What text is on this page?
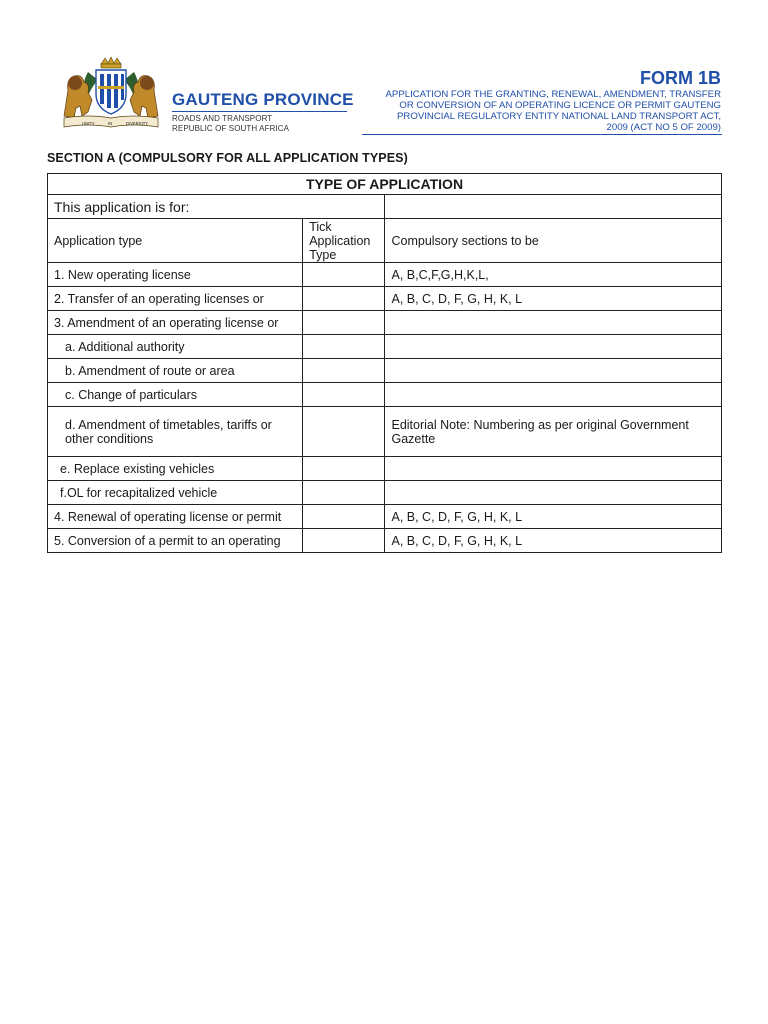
UNITY	IN	DIVERSITY
GAUTENG PROVINCE
ROADS AND TRANSPORT
REPUBLIC OF SOUTH AFRICA
FORM 1B
APPLICATION FOR THE GRANTING, RENEWAL, AMENDMENT, TRANSFER OR CONVERSION OF AN OPERATING LICENCE OR PERMIT GAUTENG PROVINCIAL REGULATORY ENTITY NATIONAL LAND TRANSPORT ACT, 2009 (ACT NO 5 OF 2009)
SECTION A (COMPULSORY FOR ALL APPLICATION TYPES)
TYPE OF APPLICATION		
This application is for:		
Application type	Tick Application Type	Compulsory sections to be
1. New operating license		A, B,C,F,G,H,K,L,
2. Transfer of an operating licenses or		A, B, C, D, F, G, H, K, L
3. Amendment of an operating license or		
a. Additional authority		
b. Amendment of route or area		
c. Change of particulars		
d. Amendment of timetables, tariffs or other conditions		Editorial Note: Numbering as per original Government Gazette
e. Replace existing vehicles		
f.OL for recapitalized vehicle		
4. Renewal of operating license or permit		A, B, C, D, F, G, H, K, L
5. Conversion of a permit to an operating		A, B, C, D, F, G, H, K, L
